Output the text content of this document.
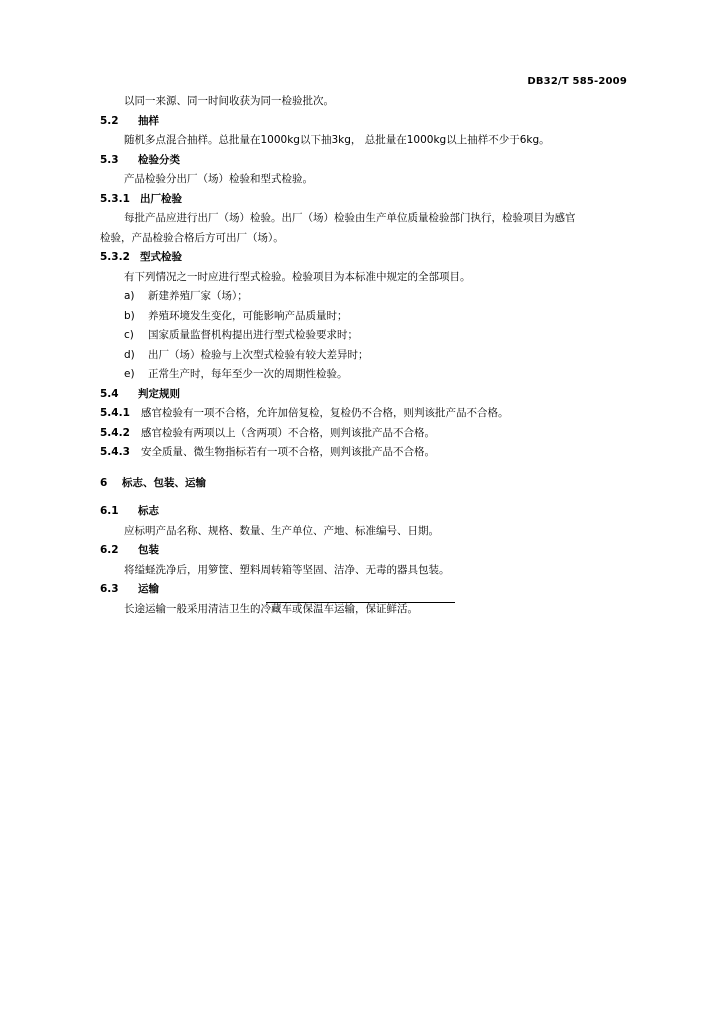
DB32/T 585-2009

以同一来源、同一时间收获为同一检验批次。

5.2 抽样

随机多点混合抽样。总批量在1000kg以下抽3kg， 总批量在1000kg以上抽样不少于6kg。

5.3 检验分类

产品检验分出厂（场）检验和型式检验。

5.3.1 出厂检验

每批产品应进行出厂（场）检验。出厂（场）检验由生产单位质量检验部门执行，检验项目为感官

检验，产品检验合格后方可出厂（场）。

5.3.2 型式检验

有下列情况之一时应进行型式检验。检验项目为本标准中规定的全部项目。

a) 新建养殖厂家（场）；

b) 养殖环境发生变化，可能影响产品质量时；

c) 国家质量监督机构提出进行型式检验要求时；

d) 出厂（场）检验与上次型式检验有较大差异时；

e) 正常生产时，每年至少一次的周期性检验。

5.4 判定规则

5.4.1 感官检验有一项不合格，允许加倍复检，复检仍不合格，则判该批产品不合格。

5.4.2 感官检验有两项以上（含两项）不合格，则判该批产品不合格。

5.4.3 安全质量、微生物指标若有一项不合格，则判该批产品不合格。

6 标志、包装、运输

6.1 标志

应标明产品名称、规格、数量、生产单位、产地、标准编号、日期。

6.2 包装

将缢蛏洗净后，用箩筐、塑料周转箱等坚固、洁净、无毒的器具包装。

6.3 运输

长途运输一般采用清洁卫生的冷藏车或保温车运输，保证鲜活。
